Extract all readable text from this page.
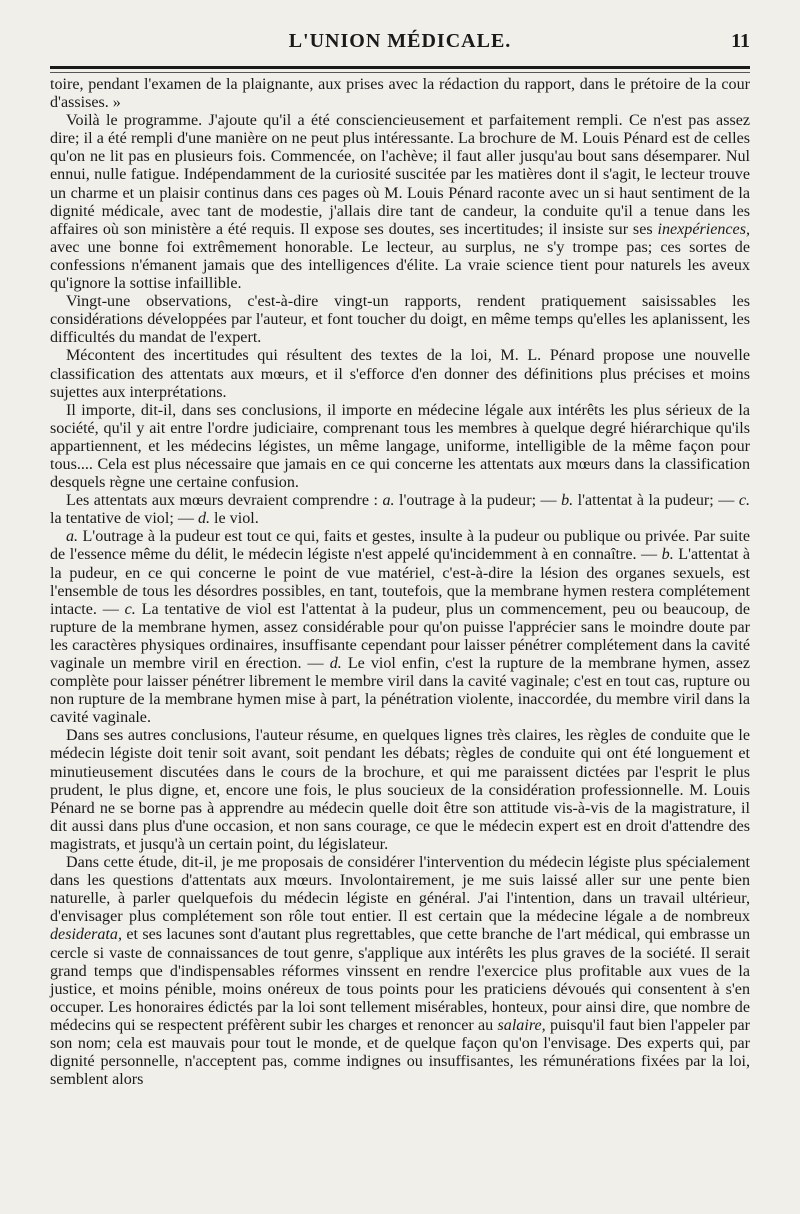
L'UNION MÉDICALE.	11

toire, pendant l'examen de la plaignante, aux prises avec la rédaction du rapport, dans le prétoire de la cour d'assises. »

Voilà le programme. J'ajoute qu'il a été consciencieusement et parfaitement rempli. Ce n'est pas assez dire; il a été rempli d'une manière on ne peut plus intéressante. La brochure de M. Louis Pénard est de celles qu'on ne lit pas en plusieurs fois. Commencée, on l'achève; il faut aller jusqu'au bout sans désemparer. Nul ennui, nulle fatigue. Indépendamment de la curiosité suscitée par les matières dont il s'agit, le lecteur trouve un charme et un plaisir continus dans ces pages où M. Louis Pénard raconte avec un si haut sentiment de la dignité médicale, avec tant de modestie, j'allais dire tant de candeur, la conduite qu'il a tenue dans les affaires où son ministère a été requis. Il expose ses doutes, ses incertitudes; il insiste sur ses inexpériences, avec une bonne foi extrêmement honorable. Le lecteur, au surplus, ne s'y trompe pas; ces sortes de confessions n'émanent jamais que des intelligences d'élite. La vraie science tient pour naturels les aveux qu'ignore la sottise infaillible.

Vingt-une observations, c'est-à-dire vingt-un rapports, rendent pratiquement saisissables les considérations développées par l'auteur, et font toucher du doigt, en même temps qu'elles les aplanissent, les difficultés du mandat de l'expert.

Mécontent des incertitudes qui résultent des textes de la loi, M. L. Pénard propose une nouvelle classification des attentats aux mœurs, et il s'efforce d'en donner des définitions plus précises et moins sujettes aux interprétations.

Il importe, dit-il, dans ses conclusions, il importe en médecine légale aux intérêts les plus sérieux de la société, qu'il y ait entre l'ordre judiciaire, comprenant tous les membres à quelque degré hiérarchique qu'ils appartiennent, et les médecins légistes, un même langage, uniforme, intelligible de la même façon pour tous.... Cela est plus nécessaire que jamais en ce qui concerne les attentats aux mœurs dans la classification desquels règne une certaine confusion.

Les attentats aux mœurs devraient comprendre : a. l'outrage à la pudeur; — b. l'attentat à la pudeur; — c. la tentative de viol; — d. le viol.

a. L'outrage à la pudeur est tout ce qui, faits et gestes, insulte à la pudeur ou publique ou privée. Par suite de l'essence même du délit, le médecin légiste n'est appelé qu'incidemment à en connaître. — b. L'attentat à la pudeur, en ce qui concerne le point de vue matériel, c'est-à-dire la lésion des organes sexuels, est l'ensemble de tous les désordres possibles, en tant, toutefois, que la membrane hymen restera complétement intacte. — c. La tentative de viol est l'attentat à la pudeur, plus un commencement, peu ou beaucoup, de rupture de la membrane hymen, assez considérable pour qu'on puisse l'apprécier sans le moindre doute par les caractères physiques ordinaires, insuffisante cependant pour laisser pénétrer complétement dans la cavité vaginale un membre viril en érection. — d. Le viol enfin, c'est la rupture de la membrane hymen, assez complète pour laisser pénétrer librement le membre viril dans la cavité vaginale; c'est en tout cas, rupture ou non rupture de la membrane hymen mise à part, la pénétration violente, inaccordée, du membre viril dans la cavité vaginale.

Dans ses autres conclusions, l'auteur résume, en quelques lignes très claires, les règles de conduite que le médecin légiste doit tenir soit avant, soit pendant les débats; règles de conduite qui ont été longuement et minutieusement discutées dans le cours de la brochure, et qui me paraissent dictées par l'esprit le plus prudent, le plus digne, et, encore une fois, le plus soucieux de la considération professionnelle. M. Louis Pénard ne se borne pas à apprendre au médecin quelle doit être son attitude vis-à-vis de la magistrature, il dit aussi dans plus d'une occasion, et non sans courage, ce que le médecin expert est en droit d'attendre des magistrats, et jusqu'à un certain point, du législateur.

Dans cette étude, dit-il, je me proposais de considérer l'intervention du médecin légiste plus spécialement dans les questions d'attentats aux mœurs. Involontairement, je me suis laissé aller sur une pente bien naturelle, à parler quelquefois du médecin légiste en général. J'ai l'intention, dans un travail ultérieur, d'envisager plus complétement son rôle tout entier. Il est certain que la médecine légale a de nombreux desiderata, et ses lacunes sont d'autant plus regrettables, que cette branche de l'art médical, qui embrasse un cercle si vaste de connaissances de tout genre, s'applique aux intérêts les plus graves de la société. Il serait grand temps que d'indispensables réformes vinssent en rendre l'exercice plus profitable aux vues de la justice, et moins pénible, moins onéreux de tous points pour les praticiens dévoués qui consentent à s'en occuper. Les honoraires édictés par la loi sont tellement misérables, honteux, pour ainsi dire, que nombre de médecins qui se respectent préfèrent subir les charges et renoncer au salaire, puisqu'il faut bien l'appeler par son nom; cela est mauvais pour tout le monde, et de quelque façon qu'on l'envisage. Des experts qui, par dignité personnelle, n'acceptent pas, comme indignes ou insuffisantes, les rémunérations fixées par la loi, semblent alors
